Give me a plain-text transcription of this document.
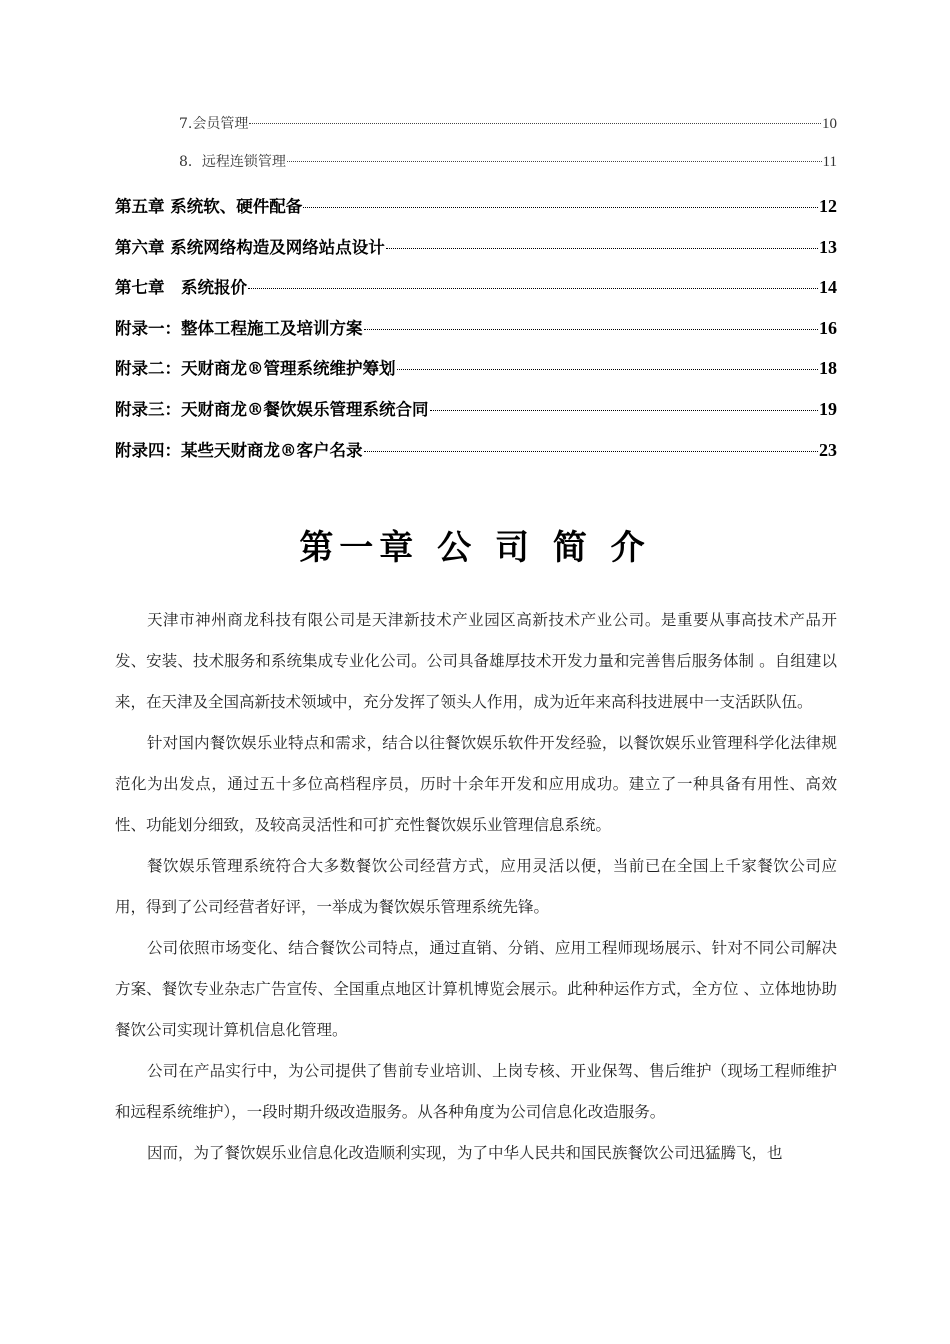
7.会员管理	10
8．远程连锁管理	11
第五章 系统软、硬件配备	12
第六章 系统网络构造及网络站点设计	13
第七章　系统报价	14
附录一：整体工程施工及培训方案	16
附录二：天财商龙®管理系统维护筹划	18
附录三：天财商龙®餐饮娱乐管理系统合同	19
附录四：某些天财商龙®客户名录	23
第一章 公 司 简 介

天津市神州商龙科技有限公司是天津新技术产业园区高新技术产业公司。是重要从事高技术产品开发、安装、技术服务和系统集成专业化公司。公司具备雄厚技术开发力量和完善售后服务体制 。自组建以来，在天津及全国高新技术领域中，充分发挥了领头人作用，成为近年来高科技进展中一支活跃队伍。

针对国内餐饮娱乐业特点和需求，结合以往餐饮娱乐软件开发经验，以餐饮娱乐业管理科学化法律规范化为出发点，通过五十多位高档程序员，历时十余年开发和应用成功。建立了一种具备有用性、高效性、功能划分细致，及较高灵活性和可扩充性餐饮娱乐业管理信息系统。

餐饮娱乐管理系统符合大多数餐饮公司经营方式，应用灵活以便，当前已在全国上千家餐饮公司应用，得到了公司经营者好评，一举成为餐饮娱乐管理系统先锋。

公司依照市场变化、结合餐饮公司特点，通过直销、分销、应用工程师现场展示、针对不同公司解决方案、餐饮专业杂志广告宣传、全国重点地区计算机博览会展示。此种种运作方式，全方位 、立体地协助餐饮公司实现计算机信息化管理。

公司在产品实行中，为公司提供了售前专业培训、上岗专核、开业保驾、售后维护（现场工程师维护和远程系统维护），一段时期升级改造服务。从各种角度为公司信息化改造服务。

因而，为了餐饮娱乐业信息化改造顺利实现，为了中华人民共和国民族餐饮公司迅猛腾飞，也
